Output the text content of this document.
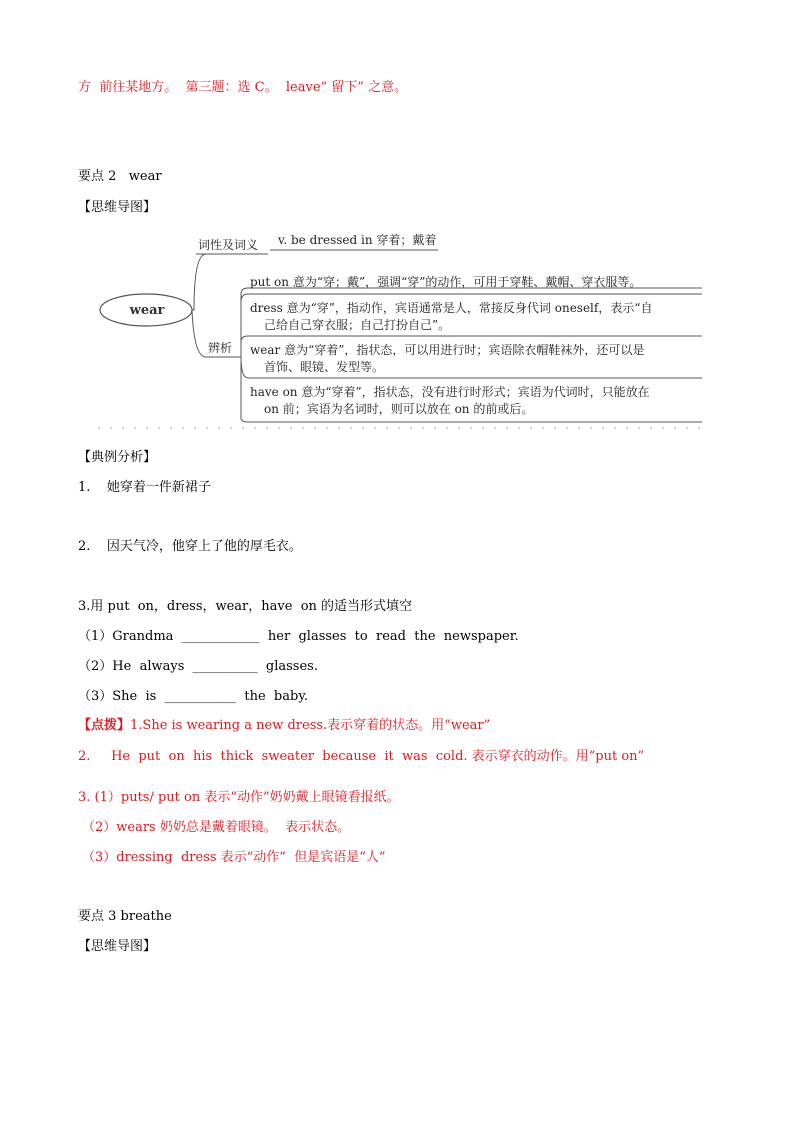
方  前往某地方。 第三题：选 C。 leave“ 留下” 之意。
要点 2   wear
【思维导图】
wear
词性及词义 v. be dressed in 穿着；戴着
辨析
put on 意为“穿；戴”，强调“穿”的动作，可用于穿鞋、戴帽、穿衣服等。
dress 意为“穿”，指动作，宾语通常是人，常接反身代词 oneself，表示“自
己给自己穿衣服；自己打扮自己”。
wear 意为“穿着”，指状态，可以用进行时；宾语除衣帽鞋袜外，还可以是
首饰、眼镜、发型等。
have on 意为“穿着”，指状态，没有进行时形式；宾语为代词时，只能放在
on 前；宾语为名词时，则可以放在 on 的前或后。
【典例分析】
1.    她穿着一件新裙子
2.    因天气冷，他穿上了他的厚毛衣。
3.用 put  on，dress，wear，have  on 的适当形式填空
（1）Grandma  ____________  her  glasses  to  read  the  newspaper.
（2）He  always  __________  glasses.
（3）She  is  ___________  the  baby.
【点拨】1.She is wearing a new dress.表示穿着的状态。用“wear”
2.     He  put  on  his  thick  sweater  because  it  was  cold. 表示穿衣的动作。用“put on”
3. (1）puts/ put on 表示“动作”奶奶戴上眼镜看报纸。
（2）wears 奶奶总是戴着眼镜。  表示状态。
（3）dressing  dress 表示“动作”  但是宾语是“人”
要点 3 breathe
【思维导图】
